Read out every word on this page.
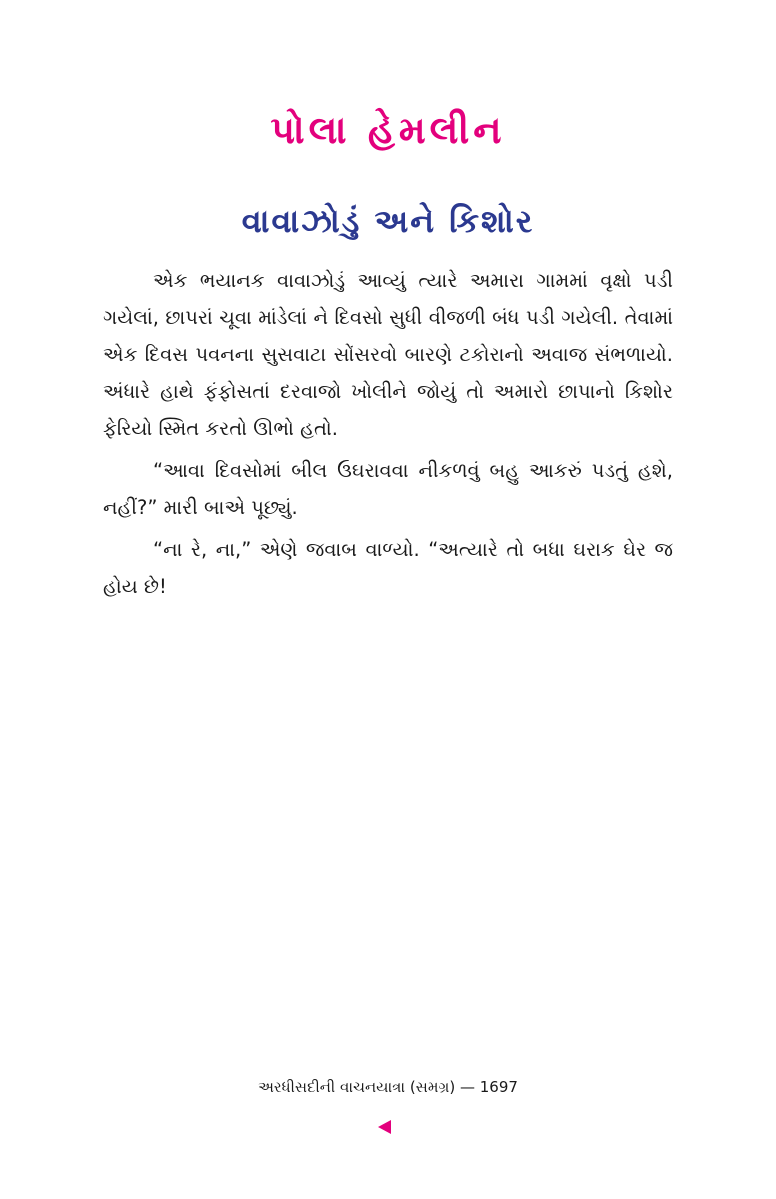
પોલા હેમલીન
વાવાઝોડું અને કિશોર

એક ભયાનક વાવાઝોડું આવ્યું ત્યારે અમારા ગામમાં વૃક્ષો પડી ગયેલાં, છાપરાં ચૂવા માંડેલાં ને દિવસો સુધી વીજળી બંધ પડી ગયેલી. તેવામાં એક દિવસ પવનના સુસવાટા સોંસરવો બારણે ટકોરાનો અવાજ સંભળાયો. અંધારે હાથે ફંફોસતાં દરવાજો ખોલીને જોયું તો અમારો છાપાનો કિશોર ફેરિયો સ્મિત કરતો ઊભો હતો.

“આવા દિવસોમાં બીલ ઉઘરાવવા નીકળવું બહુ આકરું પડતું હશે, નહીં?” મારી બાએ પૂછ્યું.

“ના રે, ના,” એણે જવાબ વાળ્યો. “અત્યારે તો બધા ઘરાક ઘેર જ હોય છે!

અરધીસદીની વાચનયાત્રા (સમગ્ર) — 1697
